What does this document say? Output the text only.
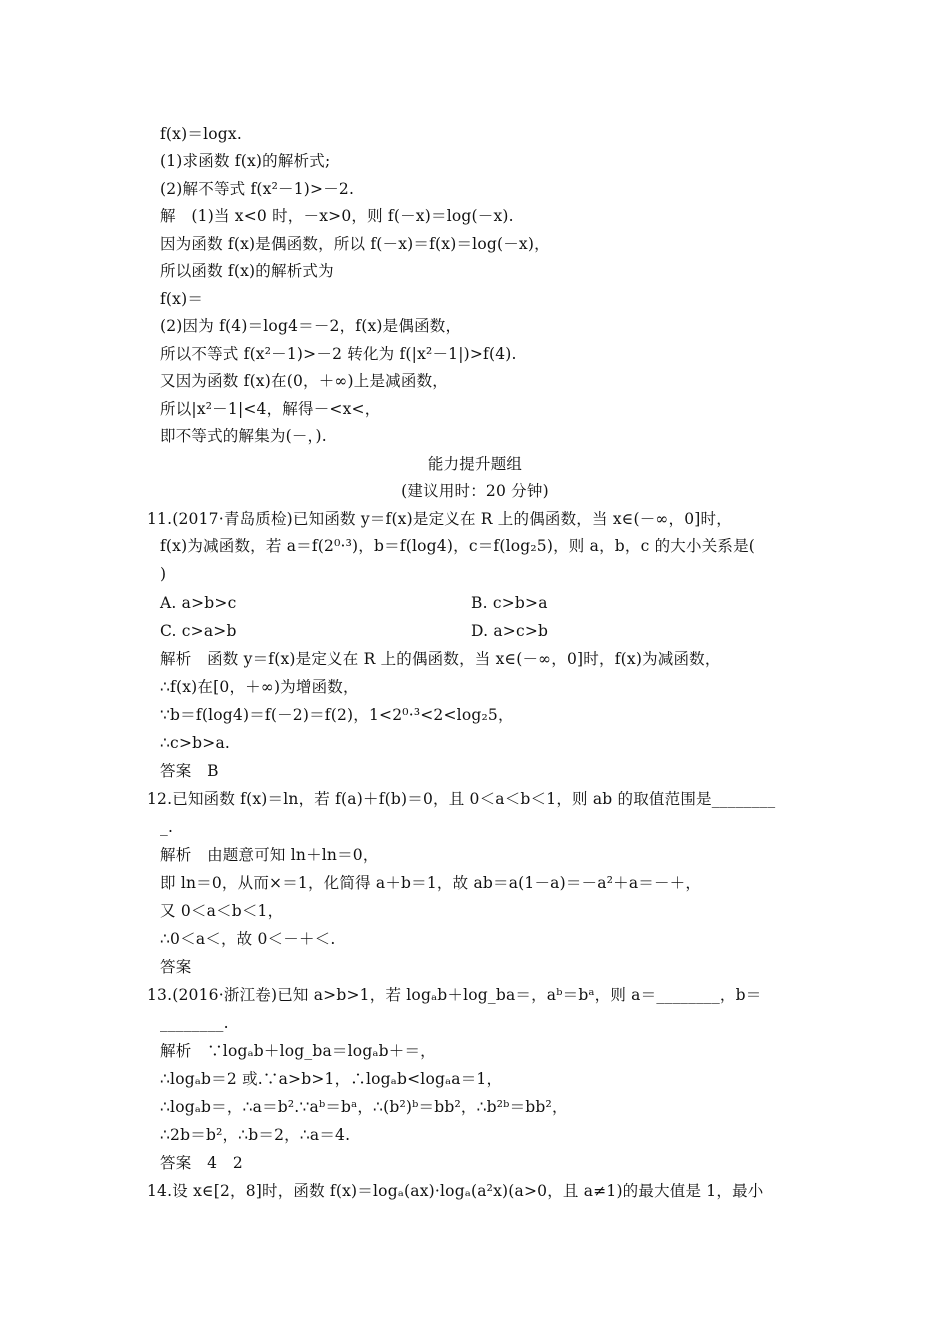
f(x)＝logx.
(1)求函数 f(x)的解析式;
(2)解不等式 f(x²－1)>－2.
解　(1)当 x<0 时，－x>0，则 f(－x)＝log(－x).
因为函数 f(x)是偶函数，所以 f(－x)＝f(x)＝log(－x)，
所以函数 f(x)的解析式为
f(x)＝
(2)因为 f(4)＝log4＝－2，f(x)是偶函数，
所以不等式 f(x²－1)>－2 转化为 f(|x²－1|)>f(4).
又因为函数 f(x)在(0，＋∞)上是减函数，
所以|x²－1|<4，解得－<x<，
即不等式的解集为(－，).
能力提升题组
(建议用时：20 分钟)
11.(2017·青岛质检)已知函数 y＝f(x)是定义在 R 上的偶函数，当 x∈(－∞，0]时，
f(x)为减函数，若 a＝f(2⁰·³)，b＝f(log4)，c＝f(log₂5)，则 a，b，c 的大小关系是(
)
A. a>b>c	B. c>b>a
C. c>a>b	D. a>c>b
解析　函数 y＝f(x)是定义在 R 上的偶函数，当 x∈(－∞，0]时，f(x)为减函数，
∴f(x)在[0，＋∞)为增函数，
∵b＝f(log4)＝f(－2)＝f(2)，1<2⁰·³<2<log₂5，
∴c>b>a.
答案　B
12.已知函数 f(x)＝ln，若 f(a)＋f(b)＝0，且 0＜a＜b＜1，则 ab 的取值范围是________
_.
解析　由题意可知 ln＋ln＝0，
即 ln＝0，从而×＝1，化简得 a＋b＝1，故 ab＝a(1－a)＝－a²＋a＝－＋，
又 0＜a＜b＜1，
∴0＜a＜，故 0＜－＋＜.
答案
13.(2016·浙江卷)已知 a>b>1，若 logₐb＋log_ba＝，aᵇ＝bᵃ，则 a＝________，b＝
________.
解析　∵logₐb＋log_ba＝logₐb＋＝，
∴logₐb＝2 或.∵a>b>1，∴logₐb<logₐa＝1，
∴logₐb＝，∴a＝b².∵aᵇ＝bᵃ，∴(b²)ᵇ＝bb²，∴b²ᵇ＝bb²，
∴2b＝b²，∴b＝2，∴a＝4.
答案　4　2
14.设 x∈[2，8]时，函数 f(x)＝logₐ(ax)·logₐ(a²x)(a>0，且 a≠1)的最大值是 1，最小
